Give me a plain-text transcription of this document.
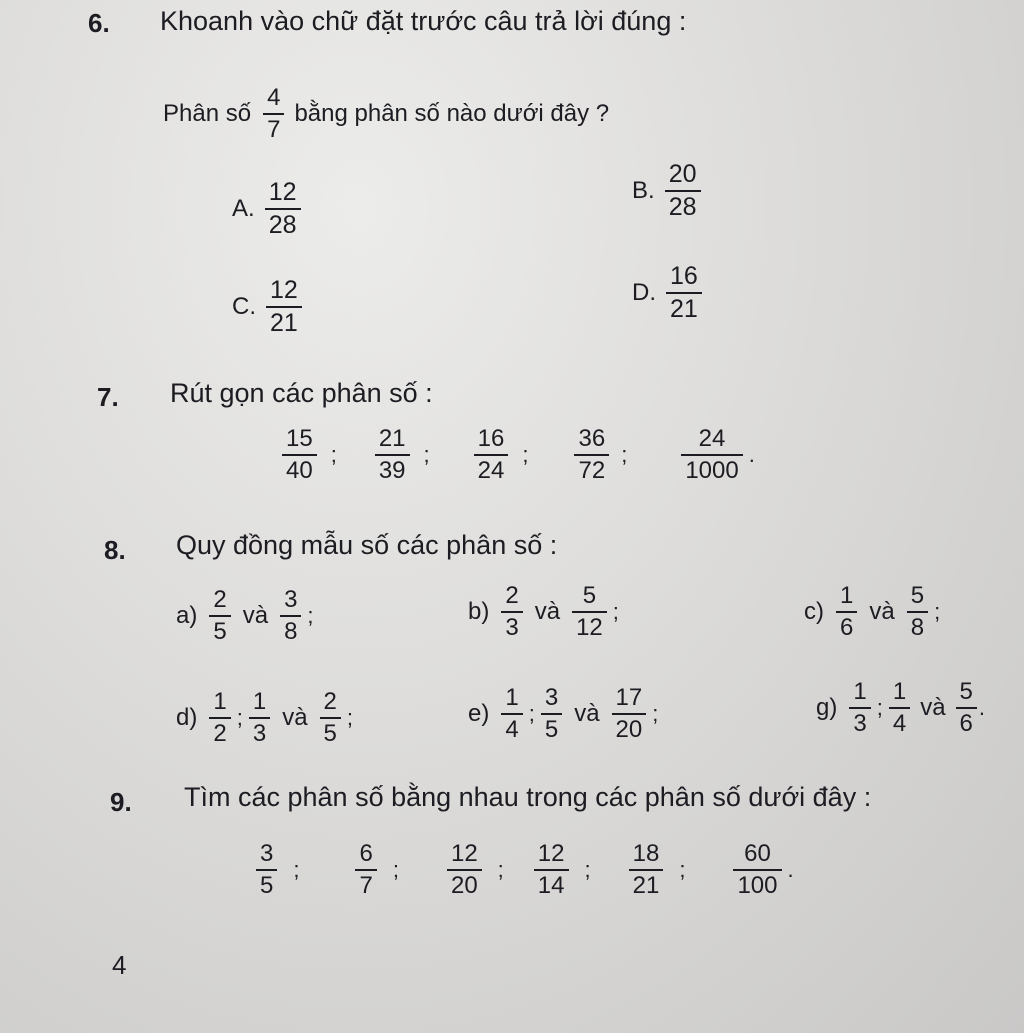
6. Khoanh vào chữ đặt trước câu trả lời đúng :
Phân số $\frac{4}{7}$ bằng phân số nào dưới đây ?
A. $\frac{12}{28}$	B. $\frac{20}{28}$
C. $\frac{12}{21}$	D. $\frac{16}{21}$
7. Rút gọn các phân số :
$\frac{15}{40}$ ; $\frac{21}{39}$ ; $\frac{16}{24}$ ; $\frac{36}{72}$ ; $\frac{24}{1000}$ .
8. Quy đồng mẫu số các phân số :
$a) \frac{2}{5}$ và $\frac{3}{8}$ ;	$b) \frac{2}{3}$ và $\frac{5}{12}$ ;	$c) \frac{1}{6}$ và $\frac{5}{8}$ ;
$d) \frac{1}{2}$ ; $\frac{1}{3}$ và $\frac{2}{5}$ ;	$e) \frac{1}{4}$ ; $\frac{3}{5}$ và $\frac{17}{20}$ ;	$g) \frac{1}{3}$ ; $\frac{1}{4}$ và $\frac{5}{6}$ .
9. Tìm các phân số bằng nhau trong các phân số dưới đây :
$\frac{3}{5}$ ; $\frac{6}{7}$ ; $\frac{12}{20}$ ; $\frac{12}{14}$ ; $\frac{18}{21}$ ; $\frac{60}{100}$ .
4
